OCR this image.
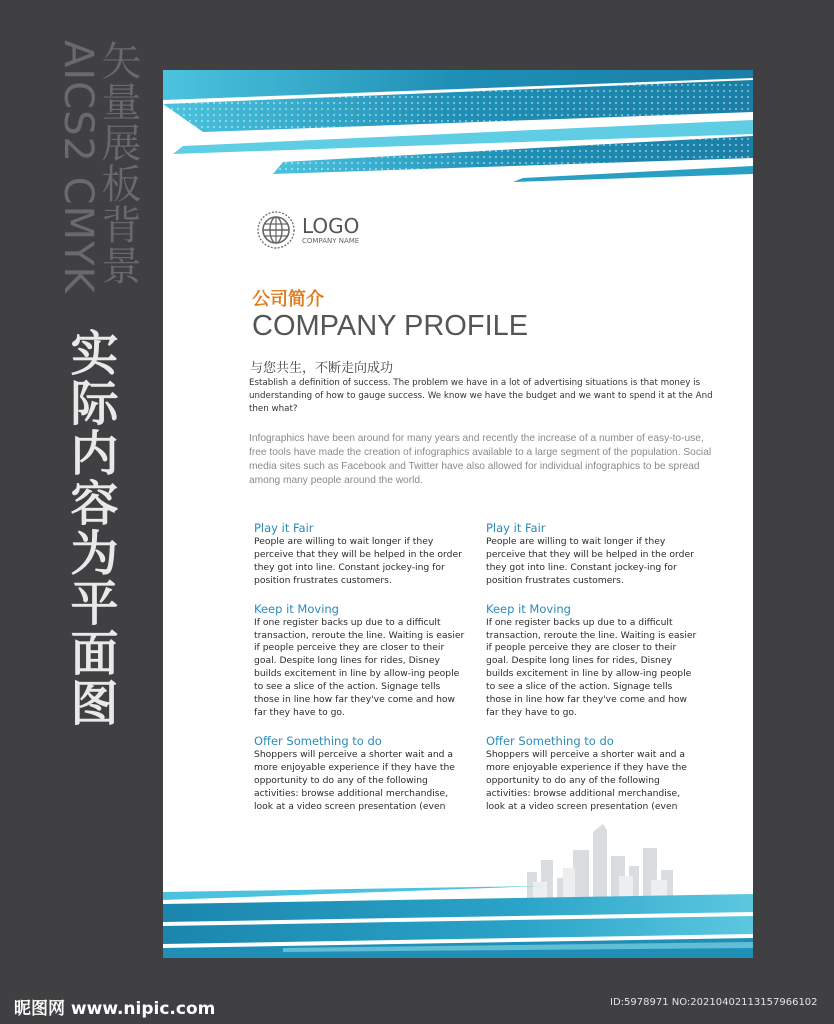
矢量展板背景
AICS2 CMYK
实际内容为平面图
LOGO
COMPANY NAME
公司简介
COMPANY PROFILE
与您共生，不断走向成功
Establish a definition of success. The problem we have in a lot of advertising situations is that money is understanding of how to gauge success. We know we have the budget and we want to spend it at the And then what?
Infographics have been around for many years and recently the increase of a number of easy-to-use, free tools have made the creation of infographics available to a large segment of the population. Social media sites such as Facebook and Twitter have also allowed for individual infographics to be spread among many people around the world.
Play it Fair

People are willing to wait longer if they perceive that they will be helped in the order they got into line. Constant jockey-ing for position frustrates customers.

Keep it Moving

If one register backs up due to a difficult transaction, reroute the line. Waiting is easier if people perceive they are closer to their goal. Despite long lines for rides, Disney builds excitement in line by allow-ing people to see a slice of the action. Signage tells those in line how far they've come and how far they have to go.

Offer Something to do

Shoppers will perceive a shorter wait and a more enjoyable experience if they have the opportunity to do any of the following activities: browse additional merchandise, look at a video screen presentation (even

Play it Fair

People are willing to wait longer if they perceive that they will be helped in the order they got into line. Constant jockey-ing for position frustrates customers.

Keep it Moving

If one register backs up due to a difficult transaction, reroute the line. Waiting is easier if people perceive they are closer to their goal. Despite long lines for rides, Disney builds excitement in line by allow-ing people to see a slice of the action. Signage tells those in line how far they've come and how far they have to go.

Offer Something to do

Shoppers will perceive a shorter wait and a more enjoyable experience if they have the opportunity to do any of the following activities: browse additional merchandise, look at a video screen presentation (even

昵图网 www.nipic.com	ID:5978971 NO:20210402113157966102
